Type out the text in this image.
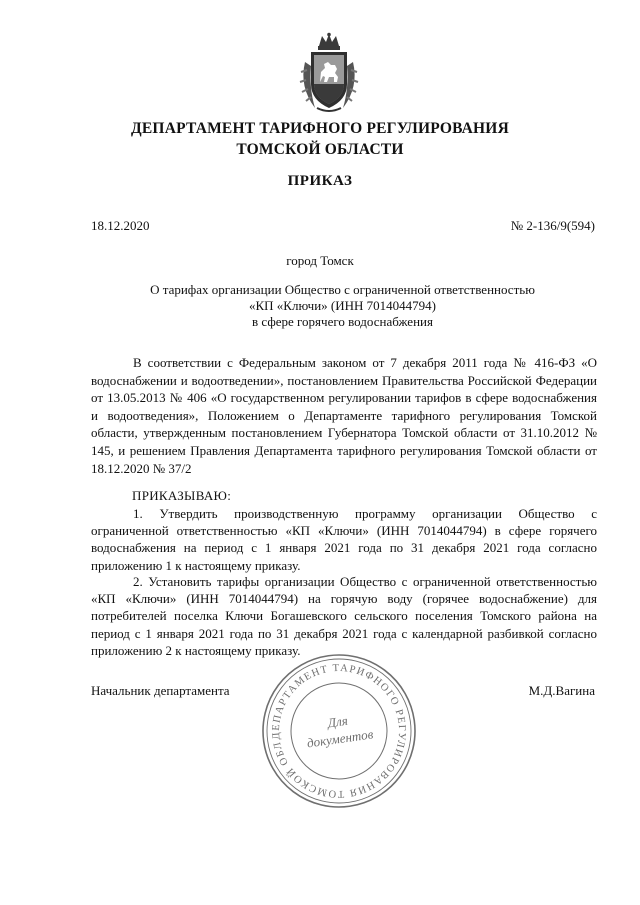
ДЕПАРТАМЕНТ ТАРИФНОГО РЕГУЛИРОВАНИЯ
ТОМСКОЙ ОБЛАСТИ
ПРИКАЗ
18.12.2020	№ 2-136/9(594)
город Томск
О тарифах организации Общество с ограниченной ответственностью
«КП «Ключи» (ИНН 7014044794)
в сфере горячего водоснабжения

В соответствии с Федеральным законом от 7 декабря 2011 года № 416-ФЗ «О водоснабжении и водоотведении», постановлением Правительства Российской Федерации от 13.05.2013 № 406 «О государственном регулировании тарифов в сфере водоснабжения и водоотведения», Положением о Департаменте тарифного регулирования Томской области, утвержденным постановлением Губернатора Томской области от 31.10.2012 № 145, и решением Правления Департамента тарифного регулирования Томской области от 18.12.2020 № 37/2

ПРИКАЗЫВАЮ:

1. Утвердить производственную программу организации Общество с ограниченной ответственностью «КП «Ключи» (ИНН 7014044794) в сфере горячего водоснабжения на период с 1 января 2021 года по 31 декабря 2021 года согласно приложению 1 к настоящему приказу.

2. Установить тарифы организации Общество с ограниченной ответственностью «КП «Ключи» (ИНН 7014044794) на горячую воду (горячее водоснабжение) для потребителей поселка Ключи Богашевского сельского поселения Томского района на период с 1 января 2021 года по 31 декабря 2021 года с календарной разбивкой согласно приложению 2 к настоящему приказу.

Начальник департамента	М.Д.Вагина
ДЕПАРТАМЕНТ ТАРИФНОГО РЕГУЛИРОВАНИЯ ТОМСКОЙ ОБЛАСТИ
Для
документов
